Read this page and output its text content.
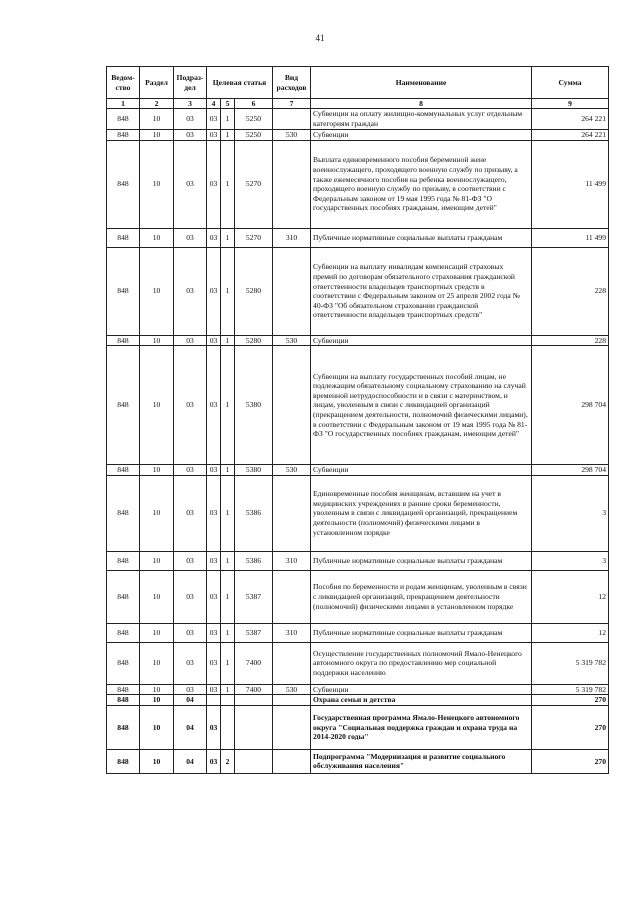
41
Ведом-ство	Раздел	Подраз-дел	Целевая статья			Вид расходов	Наименование	Сумма
1	2	3	4	5	6	7	8	9
848	10	03	03	1	5250		Субвенции на оплату жилищно-коммунальных услуг отдельным категориям граждан	264 221
848	10	03	03	1	5250	530	Субвенции	264 221
848	10	03	03	1	5270		Выплата единовременного пособия беременной жене военнослужащего, проходящего военную службу по призыву, а также ежемесячного пособия на ребенка военнослужащего, проходящего военную службу по призыву, в соответствии с Федеральным законом от 19 мая 1995 года № 81-ФЗ "О государственных пособиях гражданам, имеющим детей"	11 499
848	10	03	03	1	5270	310	Публичные нормативные социальные выплаты гражданам	11 499
848	10	03	03	1	5280		Субвенции на выплату инвалидам компенсаций страховых премий по договорам обязательного страхования гражданской ответственности владельцев транспортных средств в соответствии с Федеральным законом от 25 апреля 2002 года № 40-ФЗ "Об обязательном страховании гражданской ответственности владельцев транспортных средств"	228
848	10	03	03	1	5280	530	Субвенции	228
848	10	03	03	1	5380		Субвенции на выплату государственных пособий лицам, не подлежащим обязательному социальному страхованию на случай временной нетрудоспособности и в связи с материнством, и лицам, уволенным в связи с ликвидацией организаций (прекращением деятельности, полномочий физическими лицами), в соответствии с Федеральным законом от 19 мая 1995 года № 81-ФЗ "О государственных пособиях гражданам, имеющим детей"	298 704
848	10	03	03	1	5380	530	Субвенции	298 704
848	10	03	03	1	5386		Единовременные пособия женщинам, вставшим на учет в медицинских учреждениях в ранние сроки беременности, уволенным в связи с ликвидацией организаций, прекращением деятельности (полномочий) физическими лицами в установленном порядке	3
848	10	03	03	1	5386	310	Публичные нормативные социальные выплаты гражданам	3
848	10	03	03	1	5387		Пособия по беременности и родам женщинам, уволенным в связи с ликвидацией организаций, прекращением деятельности (полномочий) физическими лицами в установленном порядке	12
848	10	03	03	1	5387	310	Публичные нормативные социальные выплаты гражданам	12
848	10	03	03	1	7400		Осуществление государственных полномочий Ямало-Ненецкого автономного округа по предоставлению мер социальной поддержки населению	5 319 782
848	10	03	03	1	7400	530	Субвенции	5 319 782
848	10	04					Охрана семьи и детства	270
848	10	04	03				Государственная программа Ямало-Ненецкого автономного округа "Социальная поддержка граждан и охрана труда на 2014-2020 годы"	270
848	10	04	03	2			Подпрограмма "Модернизация и развитие социального обслуживания населения"	270
